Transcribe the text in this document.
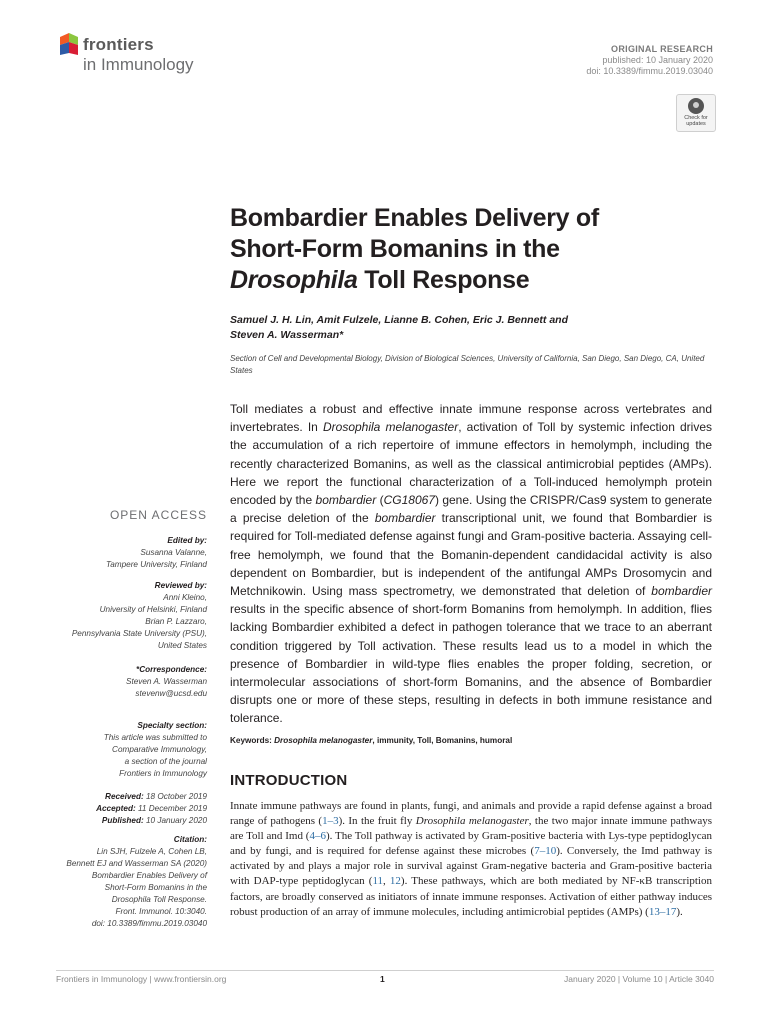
frontiers
in Immunology
ORIGINAL RESEARCH
published: 10 January 2020
doi: 10.3389/fimmu.2019.03040
Check for updates
Bombardier Enables Delivery of
Short-Form Bomanins in the
Drosophila Toll Response
Samuel J. H. Lin, Amit Fulzele, Lianne B. Cohen, Eric J. Bennett and
Steven A. Wasserman*
Section of Cell and Developmental Biology, Division of Biological Sciences, University of California, San Diego, San Diego, CA, United States
Toll mediates a robust and effective innate immune response across vertebrates and invertebrates. In Drosophila melanogaster, activation of Toll by systemic infection drives the accumulation of a rich repertoire of immune effectors in hemolymph, including the recently characterized Bomanins, as well as the classical antimicrobial peptides (AMPs). Here we report the functional characterization of a Toll-induced hemolymph protein encoded by the bombardier (CG18067) gene. Using the CRISPR/Cas9 system to generate a precise deletion of the bombardier transcriptional unit, we found that Bombardier is required for Toll-mediated defense against fungi and Gram-positive bacteria. Assaying cell-free hemolymph, we found that the Bomanin-dependent candidacidal activity is also dependent on Bombardier, but is independent of the antifungal AMPs Drosomycin and Metchnikowin. Using mass spectrometry, we demonstrated that deletion of bombardier results in the specific absence of short-form Bomanins from hemolymph. In addition, flies lacking Bombardier exhibited a defect in pathogen tolerance that we trace to an aberrant condition triggered by Toll activation. These results lead us to a model in which the presence of Bombardier in wild-type flies enables the proper folding, secretion, or intermolecular associations of short-form Bomanins, and the absence of Bombardier disrupts one or more of these steps, resulting in defects in both immune resistance and tolerance.
Keywords: Drosophila melanogaster, immunity, Toll, Bomanins, humoral
INTRODUCTION
Innate immune pathways are found in plants, fungi, and animals and provide a rapid defense against a broad range of pathogens (1–3). In the fruit fly Drosophila melanogaster, the two major innate immune pathways are Toll and Imd (4–6). The Toll pathway is activated by Gram-positive bacteria with Lys-type peptidoglycan and by fungi, and is required for defense against these microbes (7–10). Conversely, the Imd pathway is activated by and plays a major role in survival against Gram-negative bacteria and Gram-positive bacteria with DAP-type peptidoglycan (11, 12). These pathways, which are both mediated by NF-κB transcription factors, are broadly conserved as initiators of innate immune responses. Activation of either pathway induces robust production of an array of immune molecules, including antimicrobial peptides (AMPs) (13–17).
OPEN ACCESS
Edited by:
Susanna Valanne,
Tampere University, Finland
Reviewed by:
Anni Kleino,
University of Helsinki, Finland
Brian P. Lazzaro,
Pennsylvania State University (PSU),
United States
*Correspondence:
Steven A. Wasserman
stevenw@ucsd.edu
Specialty section:
This article was submitted to
Comparative Immunology,
a section of the journal
Frontiers in Immunology
Received: 18 October 2019
Accepted: 11 December 2019
Published: 10 January 2020
Citation:
Lin SJH, Fulzele A, Cohen LB,
Bennett EJ and Wasserman SA (2020)
Bombardier Enables Delivery of
Short-Form Bomanins in the
Drosophila Toll Response.
Front. Immunol. 10:3040.
doi: 10.3389/fimmu.2019.03040
Frontiers in Immunology | www.frontiersin.org	1	January 2020 | Volume 10 | Article 3040
